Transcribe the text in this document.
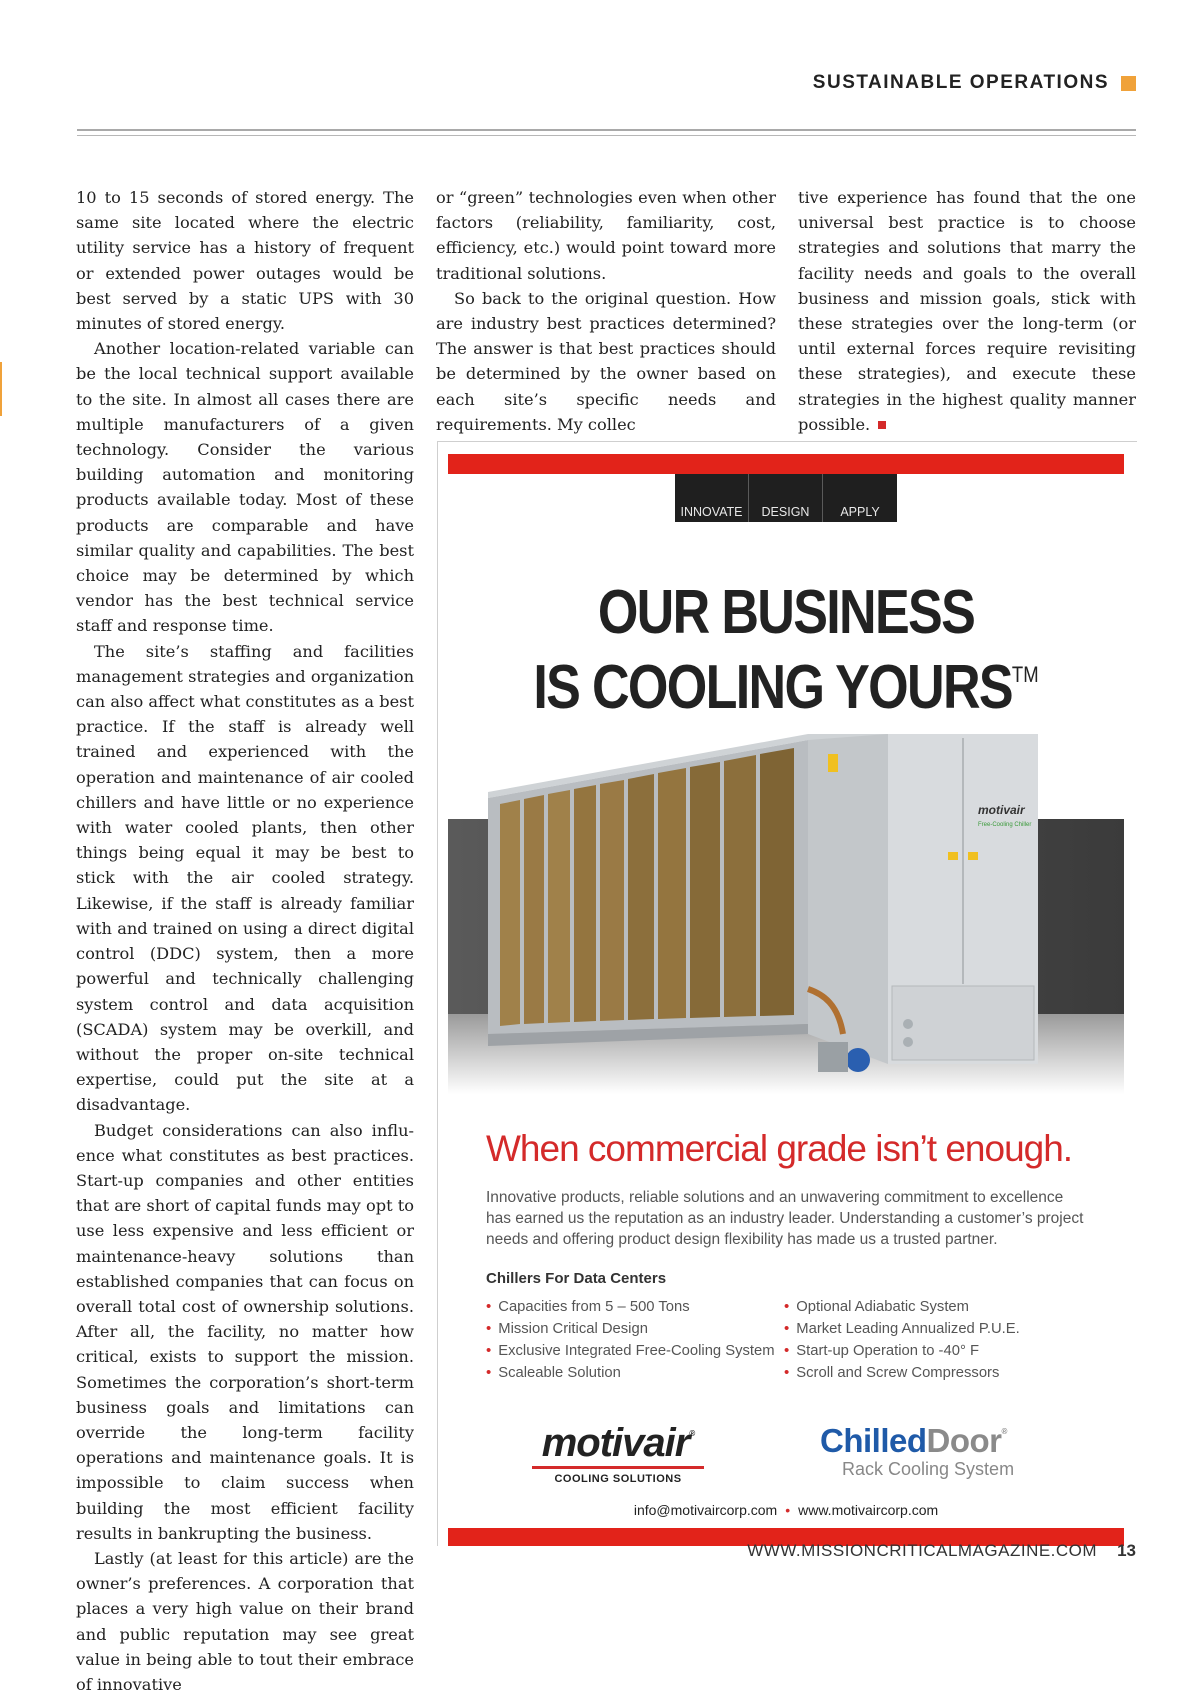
SUSTAINABLE OPERATIONS

10 to 15 seconds of stored energy. The same site located where the electric utility service has a history of frequent or extended power outages would be best served by a static UPS with 30 minutes of stored energy.

Another location-related variable can be the local technical support available to the site. In almost all cases there are multiple manufacturers of a given technology. Consider the various building automation and monitoring products available today. Most of these products are comparable and have similar quality and capabilities. The best choice may be determined by which vendor has the best technical service staff and response time.

The site’s staffing and facilities management strategies and organization can also affect what constitutes as a best practice. If the staff is already well trained and experienced with the operation and maintenance of air cooled chillers and have little or no experience with water cooled plants, then other things being equal it may be best to stick with the air cooled strategy. Likewise, if the staff is already familiar with and trained on using a direct digital control (DDC) system, then a more powerful and technically challenging system control and data acquisition (SCADA) system may be overkill, and without the proper on-site technical expertise, could put the site at a disadvantage.

Budget considerations can also influence what constitutes as best practices. Start-up companies and other entities that are short of capital funds may opt to use less expensive and less efficient or maintenance-heavy solutions than established companies that can focus on overall total cost of ownership solutions. After all, the facility, no matter how critical, exists to support the mission. Sometimes the corporation’s short-term business goals and limitations can override the long-term facility operations and maintenance goals. It is impossible to claim success when building the most efficient facility results in bankrupting the business.

Lastly (at least for this article) are the owner’s preferences. A corporation that places a very high value on their brand and public reputation may see great value in being able to tout their embrace of innovative

or “green” technologies even when other factors (reliability, familiarity, cost, efficiency, etc.) would point toward more traditional solutions.

So back to the original question. How are industry best practices determined? The answer is that best practices should be determined by the owner based on each site’s specific needs and requirements. My collec

tive experience has found that the one universal best practice is to choose strategies and solutions that marry the facility needs and goals to the overall business and mission goals, stick with these strategies over the long-term (or until external forces require revisiting these strategies), and execute these strategies in the highest quality manner possible.

INNOVATE	DESIGN	APPLY
OUR BUSINESS
IS COOLING YOURS™
motivair
Free-Cooling Chiller
When commercial grade isn’t enough.
Innovative products, reliable solutions and an unwavering commitment to excellence has earned us the reputation as an industry leader. Understanding a customer’s project needs and offering product design flexibility has made us a trusted partner.
Chillers For Data Centers
• Capacities from 5 – 500 Tons
• Mission Critical Design
• Exclusive Integrated Free-Cooling System
• Scaleable Solution
• Optional Adiabatic System
• Market Leading Annualized P.U.E.
• Start-up Operation to -40° F
• Scroll and Screw Compressors
motivair®
COOLING SOLUTIONS
ChilledDoor®
Rack Cooling System
info@motivaircorp.com • www.motivaircorp.com
WWW.MISSIONCRITICALMAGAZINE.COM 13
